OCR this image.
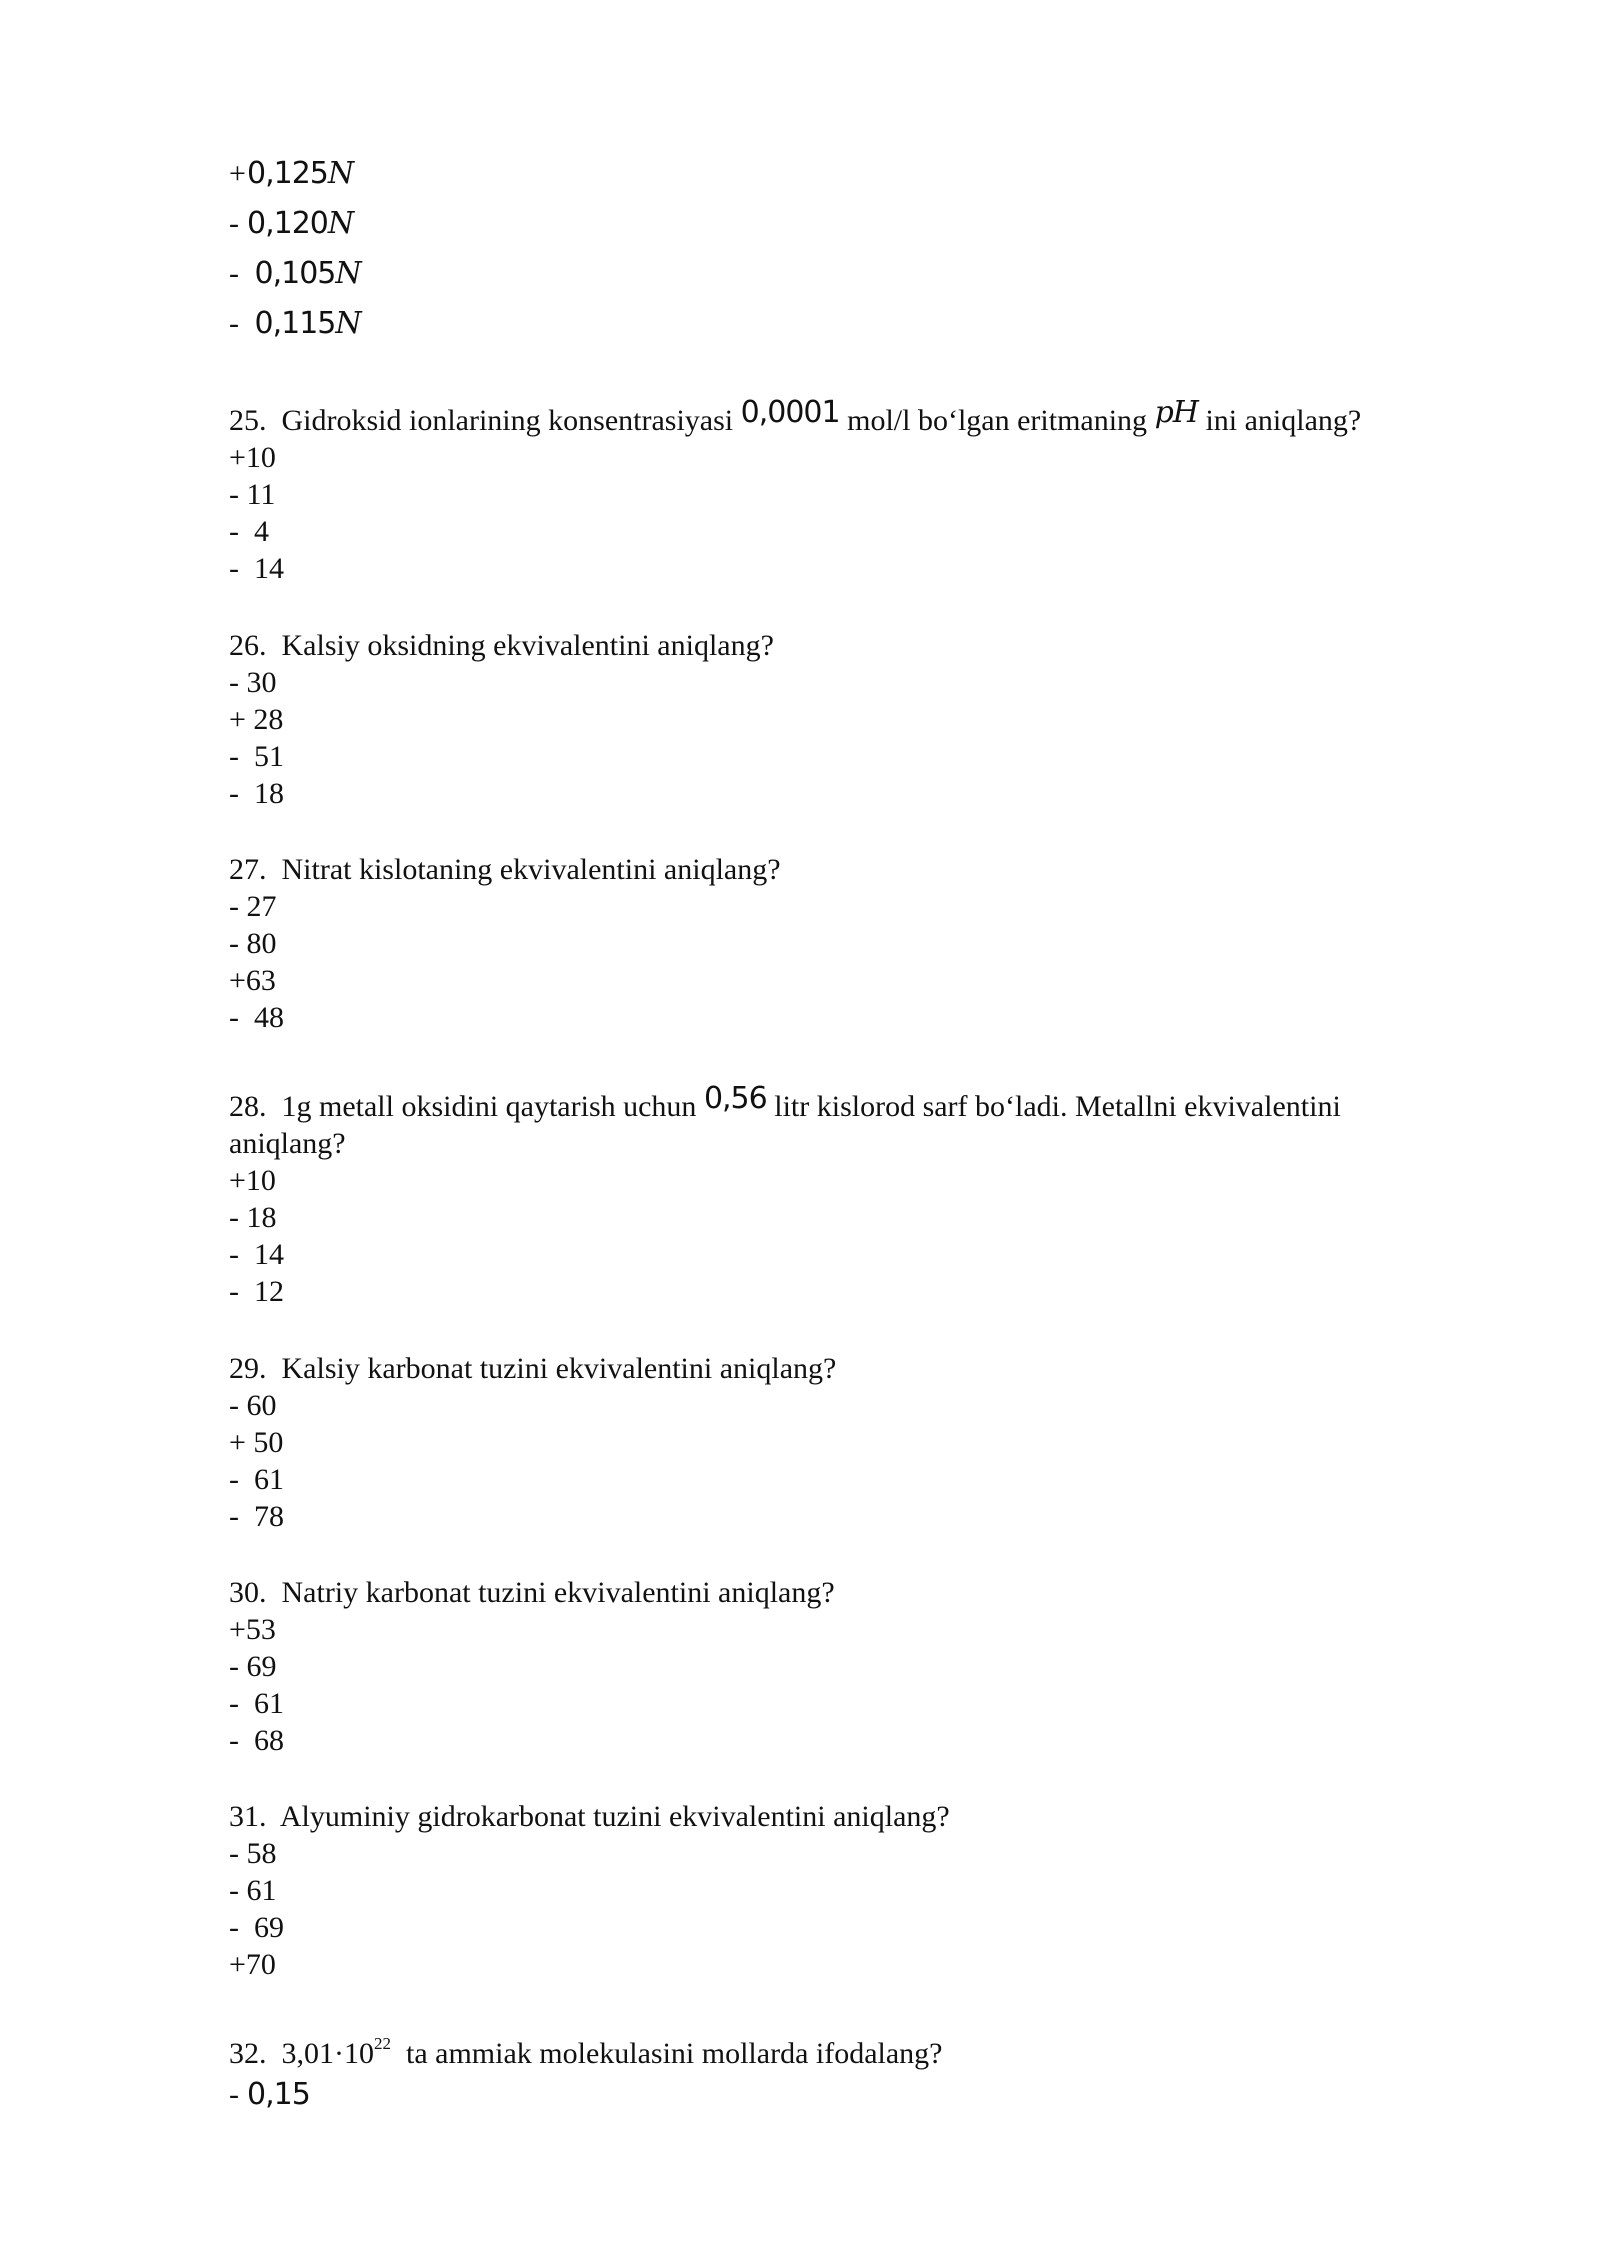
+0,125N
- 0,120N
- 0,105N
- 0,115N
25. Gidroksid ionlarining konsentrasiyasi 0,0001 mol/l bo‘lgan eritmaning pH ini aniqlang?
+10
- 11
-  4
-  14
26. Kalsiy oksidning ekvivalentini aniqlang?
- 30
+ 28
-  51
-  18
27. Nitrat kislotaning ekvivalentini aniqlang?
- 27
- 80
+63
-  48
28. 1g metall oksidini qaytarish uchun 0,56 litr kislorod sarf bo‘ladi. Metallni ekvivalentini
aniqlang?
+10
- 18
-  14
-  12
29. Kalsiy karbonat tuzini ekvivalentini aniqlang?
- 60
+ 50
-  61
-  78
30. Natriy karbonat tuzini ekvivalentini aniqlang?
+53
- 69
-  61
-  68
31. Alyuminiy gidrokarbonat tuzini ekvivalentini aniqlang?
- 58
- 61
-  69
+70
32. $3,01\cdot 10^{22}$ ta ammiak molekulasini mollarda ifodalang?
- 0,15
